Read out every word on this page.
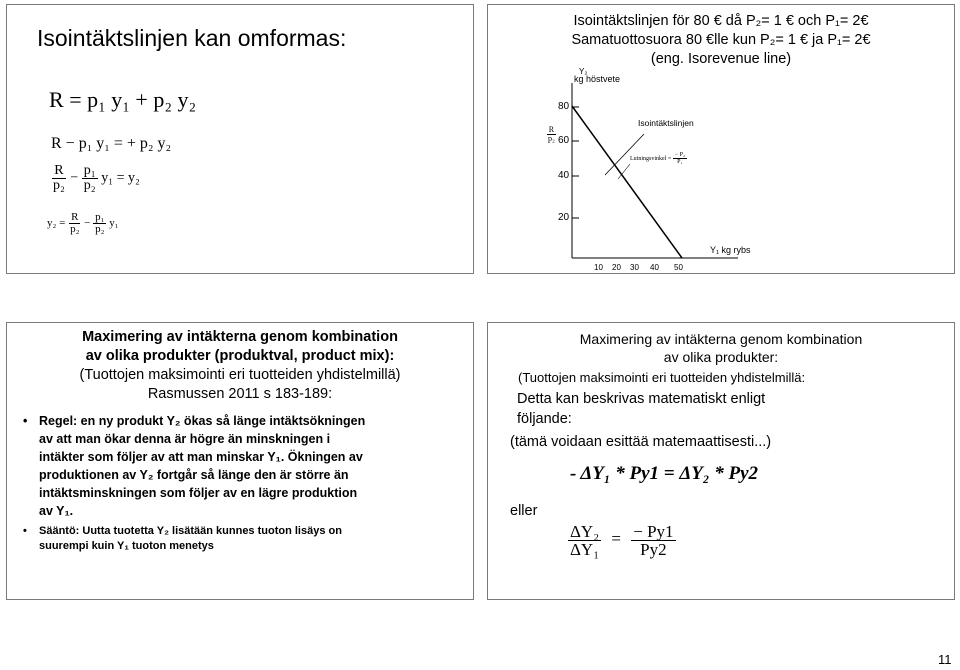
Isointäktslinjen kan omformas:
R = p₁ y₁ + p₂ y₂
R − p₁ y₁ = + p₂ y₂
$\frac{R}{\text{p₂}} - \frac{\text{p₁}}{\text{p₂}} y_1 = y_2$
$y_2 = \frac{R}{\text{p₂}} - \frac{\text{p₁}}{\text{p₂}} y_1$
Isointäktslinjen för 80 € då P₂= 1 € och P₁= 2€
Samatuottosuora 80 €lle kun P₂= 1 € ja P₁= 2€
(eng. Isorevenue line)
Y₂
kg höstvete
$\frac{R}{\text{p₂}}$
80
60
40
20
10 20 30 40 50
Y₁ kg rybs
Isointäktslinjen
Lutningsvinkel = $\frac{\text{− P₂}}{\text{P₁}}$
Maximering av intäkterna genom kombination
av olika produkter (produktval, product mix):
(Tuottojen maksimointi eri tuotteiden yhdistelmillä)
Rasmussen 2011 s 183-189:
• Regel: en ny produkt Y₂ ökas så länge intäktsökningen av att man ökar denna är högre än minskningen i intäkter som följer av att man minskar Y₁. Ökningen av produktionen av Y₂ fortgår så länge den är större än intäktsminskningen som följer av en lägre produktion av Y₁.
• Sääntö: Uutta tuotetta Y₂ lisätään kunnes tuoton lisäys on suurempi kuin Y₁ tuoton menetys
Maximering av intäkterna genom kombination
av olika produkter:
(Tuottojen maksimointi eri tuotteiden yhdistelmillä:
Detta kan beskrivas matematiskt enligt
följande:
(tämä voidaan esittää matemaattisesti...)
- ΔY₁ * Py1 = ΔY₂ * Py2
eller
$\frac{\text{ΔY₂}}{\text{ΔY₁}} = \frac{- Py1}{Py2}$
11
